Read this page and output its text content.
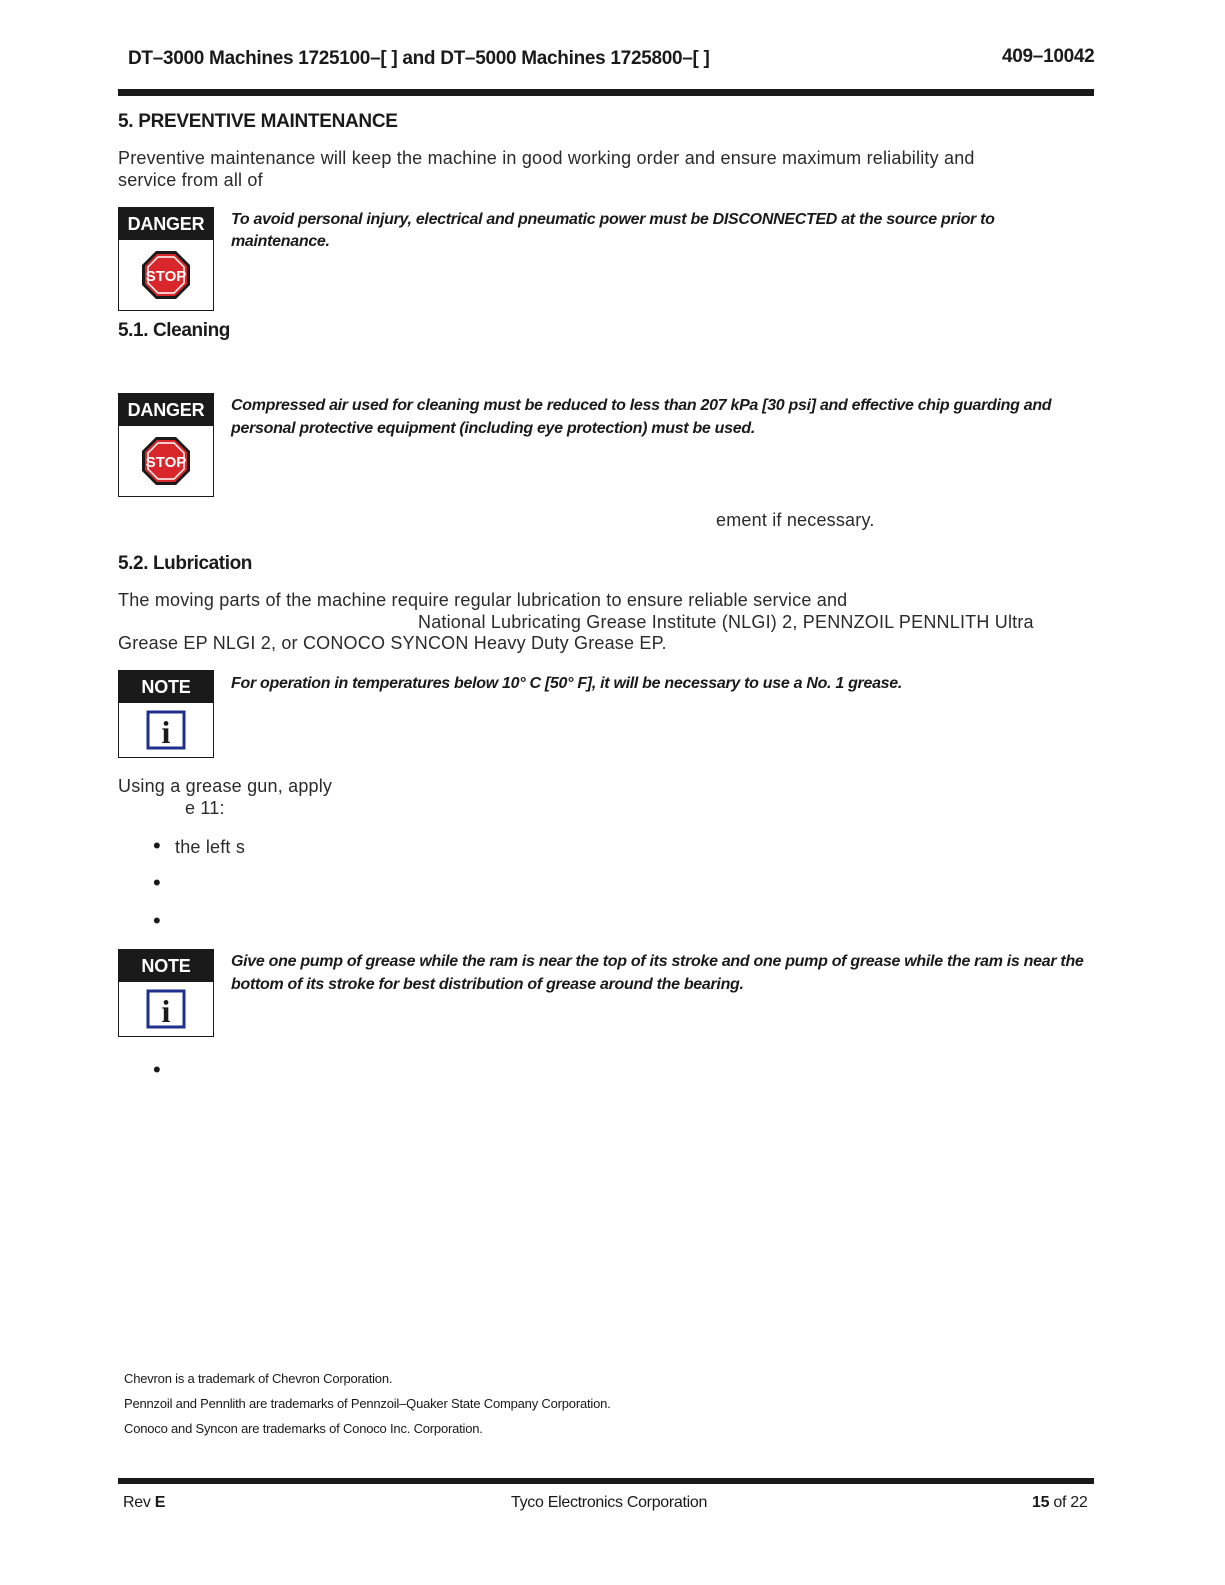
DT–3000 Machines 1725100–[ ] and DT–5000 Machines 1725800–[ ]	409–10042
5. PREVENTIVE MAINTENANCE
Preventive maintenance will keep the machine in good working order and ensure maximum reliability and
service from all of
DANGER
STOP
To avoid personal injury, electrical and pneumatic power must be DISCONNECTED at the source prior to
maintenance.
5.1. Cleaning
DANGER
STOP
Compressed air used for cleaning must be reduced to less than 207 kPa [30 psi] and effective chip guarding and
personal protective equipment (including eye protection) must be used.
ement if necessary.
5.2. Lubrication
The moving parts of the machine require regular lubrication to ensure reliable service and
National Lubricating Grease Institute (NLGI) 2, PENNZOIL PENNLITH Ultra
Grease EP NLGI 2, or CONOCO SYNCON Heavy Duty Grease EP.
NOTE
i
For operation in temperatures below 10° C [50° F], it will be necessary to use a No. 1 grease.
Using a grease gun, apply
e 11:
• the left s
•
•
NOTE
i
Give one pump of grease while the ram is near the top of its stroke and one pump of grease while the ram is near the
bottom of its stroke for best distribution of grease around the bearing.
•
Chevron is a trademark of Chevron Corporation.
Pennzoil and Pennlith are trademarks of Pennzoil–Quaker State Company Corporation.
Conoco and Syncon are trademarks of Conoco Inc. Corporation.
Rev E	Tyco Electronics Corporation	15 of 22
